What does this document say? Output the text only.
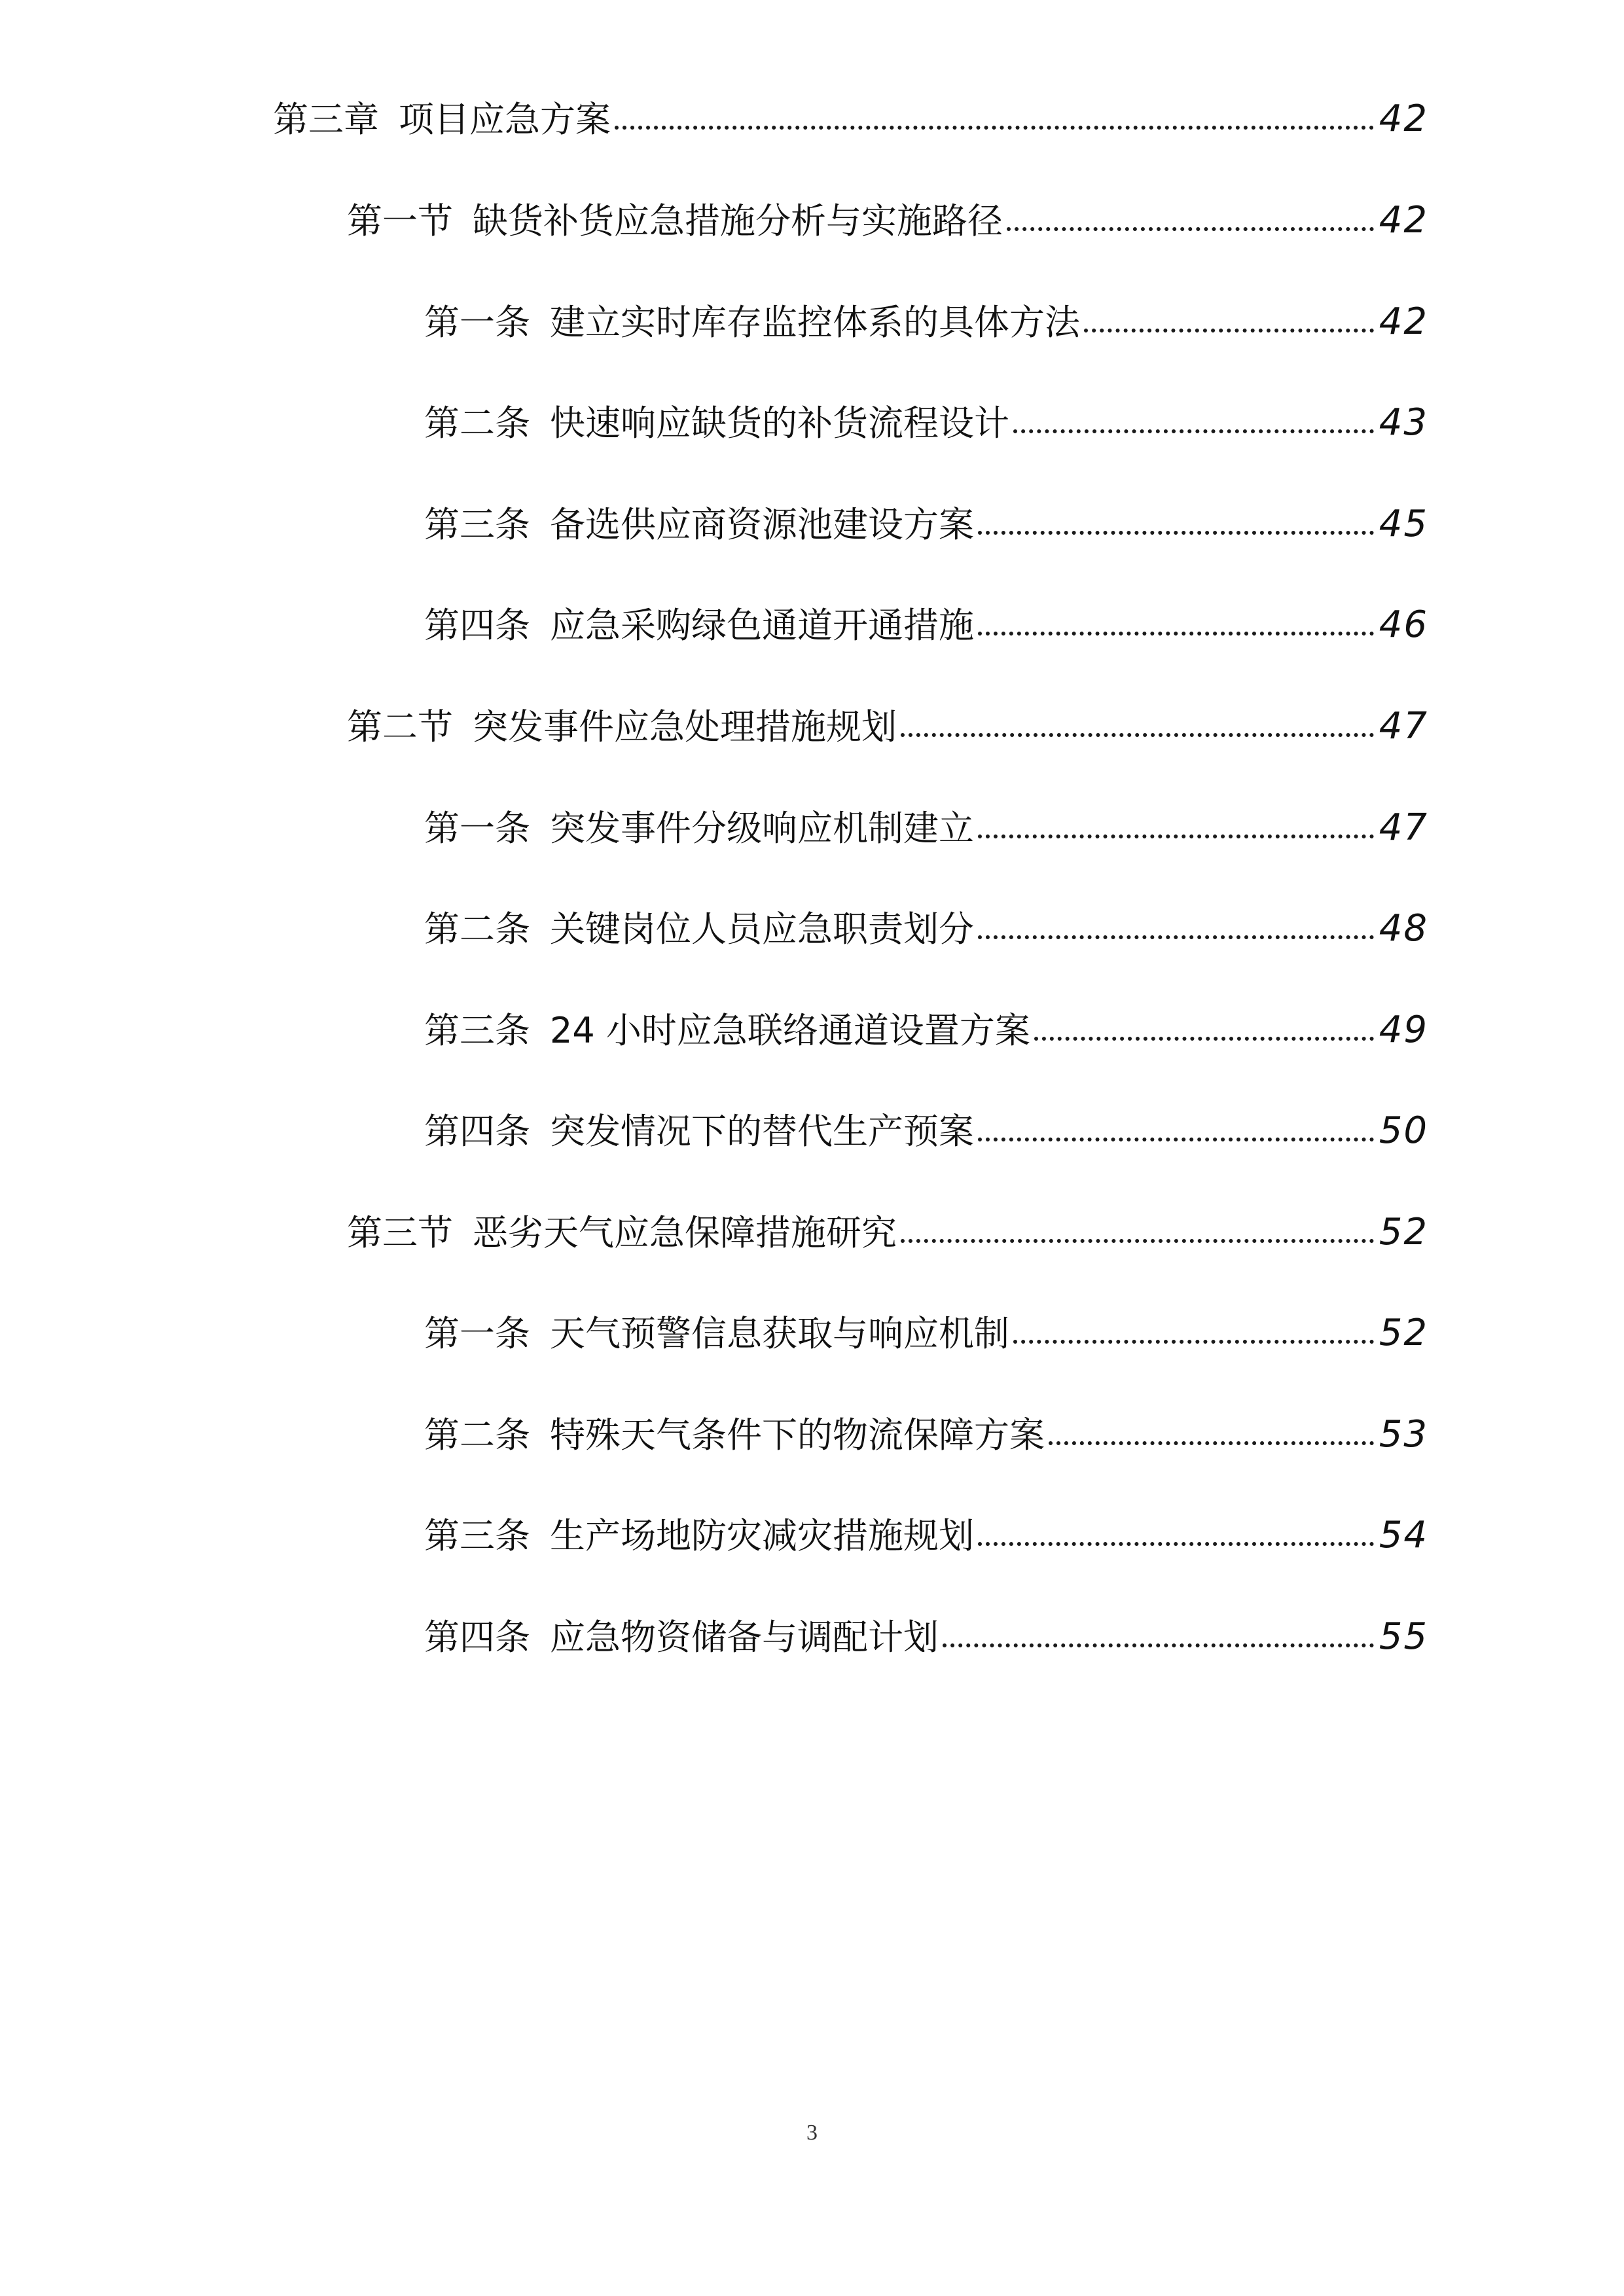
第三章 项目应急方案	42
第一节 缺货补货应急措施分析与实施路径	42
第一条 建立实时库存监控体系的具体方法	42
第二条 快速响应缺货的补货流程设计	43
第三条 备选供应商资源池建设方案	45
第四条 应急采购绿色通道开通措施	46
第二节 突发事件应急处理措施规划	47
第一条 突发事件分级响应机制建立	47
第二条 关键岗位人员应急职责划分	48
第三条 24 小时应急联络通道设置方案	49
第四条 突发情况下的替代生产预案	50
第三节 恶劣天气应急保障措施研究	52
第一条 天气预警信息获取与响应机制	52
第二条 特殊天气条件下的物流保障方案	53
第三条 生产场地防灾减灾措施规划	54
第四条 应急物资储备与调配计划	55
3
